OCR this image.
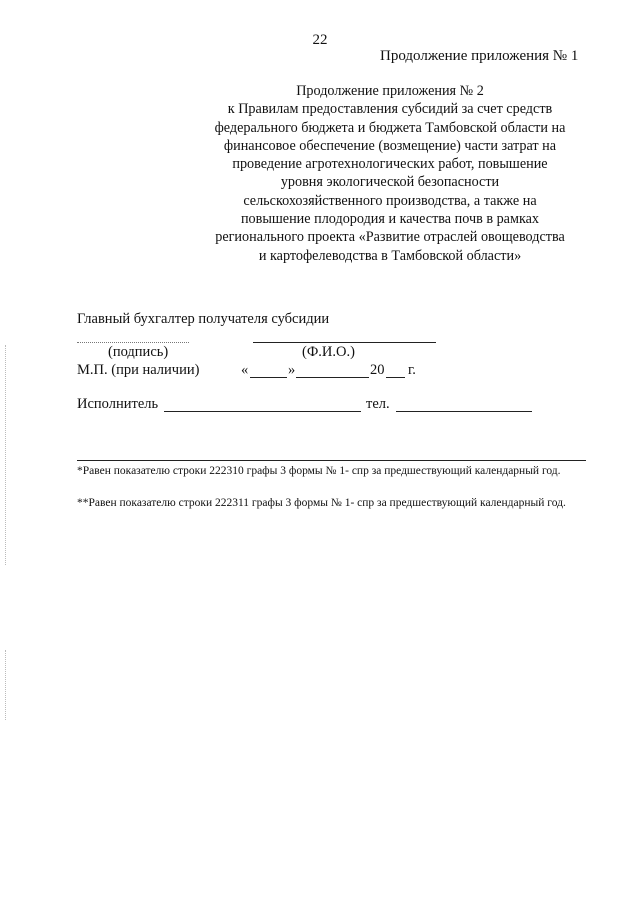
22
Продолжение приложения № 1
Продолжение приложения № 2
к Правилам предоставления субсидий за счет средств
федерального бюджета и бюджета Тамбовской области на
финансовое обеспечение (возмещение) части затрат на
проведение агротехнологических работ, повышение
уровня экологической безопасности
сельскохозяйственного производства, а также на
повышение плодородия и качества почв в рамках
регионального проекта «Развитие отраслей овощеводства
и картофелеводства в Тамбовской области»
Главный бухгалтер получателя субсидии
(подпись)	(Ф.И.О.)
М.П. (при наличии)	«	»	20 г.
Исполнитель	тел.
*Равен показателю строки 222310 графы 3 формы № 1- спр за предшествующий календарный год.
**Равен показателю строки 222311 графы 3 формы № 1- спр за предшествующий календарный год.
